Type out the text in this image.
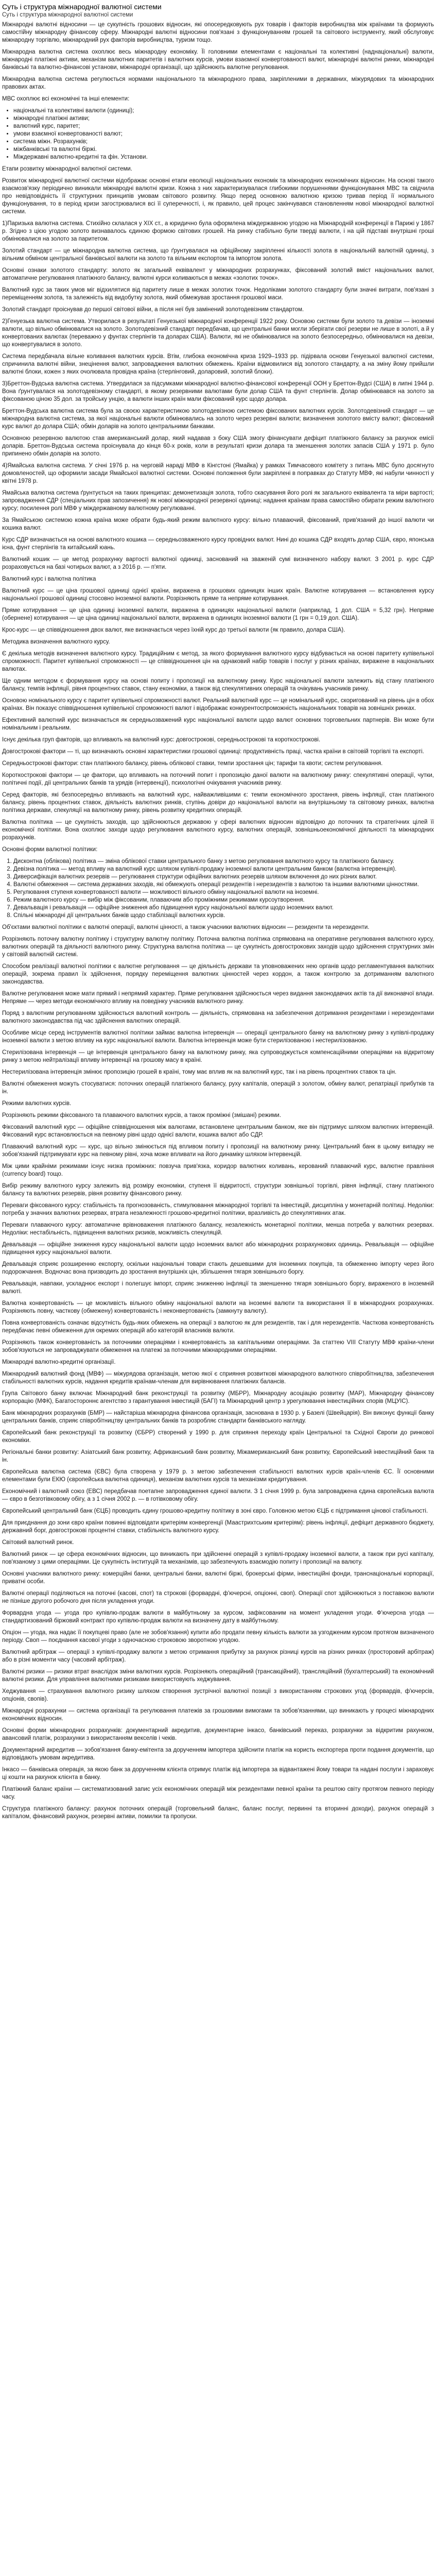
Суть і структура міжнародної валютної системи
Суть і структура міжнародної валютної системи

Міжнародні валютні відносини — це сукупність грошових відносин, які опосередковують рух товарів і факторів виробництва між країнами та формують самостійну міжнародну фінансову сферу. Міжнародні валютні відносини пов'язані з функціонуванням грошей та світового інструменту, який обслуговує міжнародну торгівлю, міжнародний рух факторів виробництва, туризм тощо.

Міжнародна валютна система охоплює весь міжнародну економіку. Її головними елементами є національні та колективні (наднаціональні) валюти, міжнародні платіжні активи, механізм валютних паритетів і валютних курсів, умови взаємної конвертованості валют, міжнародні валютні ринки, міжнародні банківські та валютно-фінансові установи, міжнародні організації, що здійснюють валютне регулювання.

Міжнародна валютна система регулюється нормами національного та міжнародного права, закріпленими в державних, міжурядових та міжнародних правових актах.

МВС охоплює всі економічні та інші елементи:

• національні та колективні валюти (одиниці);
• міжнародні платіжні активи;
• валютний курс, паритет;
• умови взаємної конвертованості валют;
• система міжн. Розрахунків;
• міжбанківські та валютні біржі.
• Міждержавні валютно-кредитні та фін. Установи.

Етапи розвитку міжнародної валютної системи.

Розвиток міжнародної валютної системи відображає основні етапи еволюції національних економік та міжнародних економічних відносин. На основі такого взаємозв'язку періодично виникали міжнародні валютні кризи. Кожна з них характеризувалася глибокими порушеннями функціонування МВС та свідчила про невідповідність її структурних принципів умовам світового розвитку. Якщо перед основною валютною кризою тривав період її нормального функціонування, то в період кризи загострювалися всі її суперечності, і, як правило, цей процес закінчувався становленням нової міжнародної валютної системи.

1)Паризька валютна система. Стихійно склалася у XIX ст., а юридично була оформлена міждержавною угодою на Міжнародній конференції в Парижі у 1867 р. Згідно з цією угодою золото визнавалось єдиною формою світових грошей. На ринку стабільно були тверді валюти, і на цій підставі внутрішні гроші обмінювалися на золото за паритетом.

Золотий стандарт — це міжнародна валютна система, що ґрунтувалася на офіційному закріпленні кількості золота в національній валютній одиниці, з вільним обміном центральної банківської валюти на золото та вільним експортом та імпортом золота.

Основні ознаки золотого стандарту: золото як загальний еквівалент у міжнародних розрахунках, фіксований золотий вміст національних валют, автоматичне регулювання платіжного балансу, валютні курси коливаються в межах «золотих точок».

Валютний курс за таких умов міг відхилятися від паритету лише в межах золотих точок. Недоліками золотого стандарту були значні витрати, пов'язані з переміщенням золота, та залежність від видобутку золота, який обмежував зростання грошової маси.

Золотий стандарт проіснував до першої світової війни, а після неї був замінений золотодевізним стандартом.

2)Генуезька валютна система. Утворилася в результаті Генуезької міжнародної конференції 1922 року. Основою системи були золото та девізи — іноземні валюти, що вільно обмінювалися на золото. Золотодевізний стандарт передбачав, що центральні банки могли зберігати свої резерви не лише в золоті, а й у конвертованих валютах (переважно у фунтах стерлінгів та доларах США). Валюти, які не обмінювалися на золото безпосередньо, обмінювалися на девізи, що конвертувалися в золото.

Система передбачала вільне коливання валютних курсів. Втім, глибока економічна криза 1929–1933 рр. підірвала основи Генуезької валютної системи, спричинила валютні війни, знецінення валют, запровадження валютних обмежень. Країни відмовилися від золотого стандарту, а на зміну йому прийшли валютні блоки, кожен з яких очолювала провідна країна (стерлінговий, доларовий, золотий блоки).

3)Бреттон-Вудська валютна система. Утвердилася за підсумками міжнародної валютно-фінансової конференції ООН у Бреттон-Вудсі (США) в липні 1944 р. Вона ґрунтувалася на золотодевізному стандарті, в якому резервними валютами були долар США та фунт стерлінгів. Долар обмінювався на золото за фіксованою ціною 35 дол. за тройську унцію, а валюти інших країн мали фіксований курс щодо долара.

Бреттон-Вудська валютна система була за своєю характеристикою золотодевізною системою фіксованих валютних курсів. Золотодевізний стандарт — це міжнародна валютна система, за якої національні валюти обмінювались на золото через резервні валюти; визначення золотого вмісту валют; фіксований курс валют до долара США; обмін доларів на золото центральними банками.

Основною резервною валютою став американський долар, який надавав з боку США змогу фінансувати дефіцит платіжного балансу за рахунок емісії доларів. Бреттон-Вудська система проіснувала до кінця 60-х років, коли в результаті кризи долара та зменшення золотих запасів США у 1971 р. було припинено обмін доларів на золото.

4)Ямайська валютна система. У січні 1976 р. на черговій нараді МВФ в Кінгстоні (Ямайка) у рамках Тимчасового комітету з питань МВС було досягнуто домовленостей, що оформили засади Ямайської валютної системи. Основні положення були закріплені в поправках до Статуту МВФ, які набули чинності у квітні 1978 р.

Ямайська валютна система ґрунтується на таких принципах: демонетизація золота, тобто скасування його ролі як загального еквівалента та міри вартості; запровадження СДР (спеціальних прав запозичення) як нової міжнародної резервної одиниці; надання країнам права самостійно обирати режим валютного курсу; посилення ролі МВФ у міждержавному валютному регулюванні.

За Ямайською системою кожна країна може обрати будь-який режим валютного курсу: вільно плаваючий, фіксований, прив'язаний до іншої валюти чи кошика валют.

Курс СДР визначається на основі валютного кошика — середньозваженого курсу провідних валют. Нині до кошика СДР входять долар США, євро, японська ієна, фунт стерлінгів та китайський юань.

Валютний кошик — це метод розрахунку вартості валютної одиниці, заснований на зваженій сумі визначеного набору валют. З 2001 р. курс СДР розраховується на базі чотирьох валют, а з 2016 р. — п'яти.

Валютний курс і валютна політика

Валютний курс — це ціна грошової одиниці однієї країни, виражена в грошових одиницях інших країн. Валютне котирування — встановлення курсу національної грошової одиниці стосовно іноземної валюти. Розрізняють пряме та непряме котирування.

Пряме котирування — це ціна одиниці іноземної валюти, виражена в одиницях національної валюти (наприклад, 1 дол. США = 5,32 грн). Непряме (обернене) котирування — це ціна одиниці національної валюти, виражена в одиницях іноземної валюти (1 грн = 0,19 дол. США).

Крос-курс — це співвідношення двох валют, яке визначається через їхній курс до третьої валюти (як правило, долара США).

Методика визначення валютного курсу.

Є декілька методів визначення валютного курсу. Традиційним є метод, за якого формування валютного курсу відбувається на основі паритету купівельної спроможності. Паритет купівельної спроможності — це співвідношення цін на однаковий набір товарів і послуг у різних країнах, виражене в національних валютах.

Ще одним методом є формування курсу на основі попиту і пропозиції на валютному ринку. Курс національної валюти залежить від стану платіжного балансу, темпів інфляції, рівня процентних ставок, стану економіки, а також від спекулятивних операцій та очікувань учасників ринку.

Основою номінального курсу є паритет купівельної спроможності валют. Реальний валютний курс — це номінальний курс, скоригований на рівень цін в обох країнах. Він показує співвідношення купівельної спроможності валют і відображає конкурентоспроможність національних товарів на зовнішніх ринках.

Ефективний валютний курс визначається як середньозважений курс національної валюти щодо валют основних торговельних партнерів. Він може бути номінальним і реальним.

Існує декілька груп факторів, що впливають на валютний курс: довгострокові, середньострокові та короткострокові.

Довгострокові фактори — ті, що визначають основні характеристики грошової одиниці: продуктивність праці, частка країни в світовій торгівлі та експорті.

Середньострокові фактори: стан платіжного балансу, рівень облікової ставки, темпи зростання цін; тарифи та квоти; систем регулювання.

Короткострокові фактори — це фактори, що впливають на поточний попит і пропозицію даної валюти на валютному ринку: спекулятивні операції, чутки, політичні події, дії центральних банків та урядів (інтервенції), психологічні очікування учасників ринку.

Серед факторів, які безпосередньо впливають на валютний курс, найважливішими є: темпи економічного зростання, рівень інфляції, стан платіжного балансу, рівень процентних ставок, діяльність валютних ринків, ступінь довіри до національної валюти на внутрішньому та світовому ринках, валютна політика держави, спекуляції на валютному ринку, рівень розвитку кредитних операцій.

Валютна політика — це сукупність заходів, що здійснюються державою у сфері валютних відносин відповідно до поточних та стратегічних цілей її економічної політики. Вона охоплює заходи щодо регулювання валютного курсу, валютних операцій, зовнішньоекономічної діяльності та міжнародних розрахунків.

Основні форми валютної політики:

1. Дисконтна (облікова) політика — зміна облікової ставки центрального банку з метою регулювання валютного курсу та платіжного балансу.
2. Девізна політика — метод впливу на валютний курс шляхом купівлі-продажу іноземної валюти центральним банком (валютна інтервенція).
3. Диверсифікація валютних резервів — регулювання структури офіційних валютних резервів шляхом включення до них різних валют.
4. Валютні обмеження — система державних заходів, які обмежують операції резидентів і нерезидентів з валютою та іншими валютними цінностями.
5. Регулювання ступеня конвертованості валюти — можливості вільного обміну національної валюти на іноземні.
6. Режим валютного курсу — вибір між фіксованим, плаваючим або проміжними режимами курсоутворення.
7. Девальвація і ревальвація — офіційне зниження або підвищення курсу національної валюти щодо іноземних валют.
8. Спільні міжнародні дії центральних банків щодо стабілізації валютних курсів.

Об'єктами валютної політики є валютні операції, валютні цінності, а також учасники валютних відносин — резиденти та нерезиденти.

Розрізняють поточну валютну політику і структурну валютну політику. Поточна валютна політика спрямована на оперативне регулювання валютного курсу, валютних операцій та діяльності валютного ринку. Структурна валютна політика — це сукупність довгострокових заходів щодо здійснення структурних змін у світовій валютній системі.

Способом реалізації валютної політики є валютне регулювання — це діяльність держави та уповноважених нею органів щодо регламентування валютних операцій, зокрема правил їх здійснення, порядку переміщення валютних цінностей через кордон, а також контролю за дотриманням валютного законодавства.

Валютне регулювання може мати прямий і непрямий характер. Пряме регулювання здійснюється через видання законодавчих актів та дії виконавчої влади. Непряме — через методи економічного впливу на поведінку учасників валютного ринку.

Поряд з валютним регулюванням здійснюється валютний контроль — діяльність, спрямована на забезпечення дотримання резидентами і нерезидентами валютного законодавства під час здійснення валютних операцій.

Особливе місце серед інструментів валютної політики займає валютна інтервенція — операції центрального банку на валютному ринку з купівлі-продажу іноземної валюти з метою впливу на курс національної валюти. Валютна інтервенція може бути стерилізованою і нестерилізованою.

Стерилізована інтервенція — це інтервенція центрального банку на валютному ринку, яка супроводжується компенсаційними операціями на відкритому ринку з метою нейтралізації впливу інтервенції на грошову масу в країні.

Нестерилізована інтервенція змінює пропозицію грошей в країні, тому має вплив як на валютний курс, так і на рівень процентних ставок та цін.

Валютні обмеження можуть стосуватися: поточних операцій платіжного балансу, руху капіталів, операцій з золотом, обміну валют, репатріації прибутків та ін.

Режими валютних курсів.

Розрізняють режими фіксованого та плаваючого валютних курсів, а також проміжні (змішані) режими.

Фіксований валютний курс — офіційне співвідношення між валютами, встановлене центральним банком, яке він підтримує шляхом валютних інтервенцій. Фіксований курс встановлюється на певному рівні щодо однієї валюти, кошика валют або СДР.

Плаваючий валютний курс — курс, що вільно змінюється під впливом попиту і пропозиції на валютному ринку. Центральний банк в цьому випадку не зобов'язаний підтримувати курс на певному рівні, хоча може впливати на його динаміку шляхом інтервенцій.

Між цими крайніми режимами існує низка проміжних: повзуча прив'язка, коридор валютних коливань, керований плаваючий курс, валютне правління (currency board) тощо.

Вибір режиму валютного курсу залежить від розміру економіки, ступеня її відкритості, структури зовнішньої торгівлі, рівня інфляції, стану платіжного балансу та валютних резервів, рівня розвитку фінансового ринку.

Переваги фіксованого курсу: стабільність та прогнозованість, стимулювання міжнародної торгівлі та інвестицій, дисципліна у монетарній політиці. Недоліки: потреба у значних валютних резервах, втрата незалежності грошово-кредитної політики, вразливість до спекулятивних атак.

Переваги плаваючого курсу: автоматичне врівноваження платіжного балансу, незалежність монетарної політики, менша потреба у валютних резервах. Недоліки: нестабільність, підвищення валютних ризиків, можливість спекуляцій.

Девальвація — офіційне зниження курсу національної валюти щодо іноземних валют або міжнародних розрахункових одиниць. Ревальвація — офіційне підвищення курсу національної валюти.

Девальвація сприяє розширенню експорту, оскільки національні товари стають дешевшими для іноземних покупців, та обмеженню імпорту через його подорожчання. Водночас вона призводить до зростання внутрішніх цін, збільшення тягаря зовнішнього боргу.

Ревальвація, навпаки, ускладнює експорт і полегшує імпорт, сприяє зниженню інфляції та зменшенню тягаря зовнішнього боргу, вираженого в іноземній валюті.

Валютна конвертованість — це можливість вільного обміну національної валюти на іноземні валюти та використання її в міжнародних розрахунках. Розрізняють повну, часткову (обмежену) конвертованість і неконвертованість (замкнуту валюту).

Повна конвертованість означає відсутність будь-яких обмежень на операції з валютою як для резидентів, так і для нерезидентів. Часткова конвертованість передбачає певні обмеження для окремих операцій або категорій власників валюти.

Розрізняють також конвертованість за поточними операціями і конвертованість за капітальними операціями. За статтею VIII Статуту МВФ країни-члени зобов'язуються не запроваджувати обмеження на платежі за поточними міжнародними операціями.

Міжнародні валютно-кредитні організації.

Міжнародний валютний фонд (МВФ) — міжурядова організація, метою якої є сприяння розвиткові міжнародного валютного співробітництва, забезпечення стабільності валютних курсів, надання кредитів країнам-членам для вирівнювання платіжних балансів.

Група Світового банку включає Міжнародний банк реконструкції та розвитку (МБРР), Міжнародну асоціацію розвитку (МАР), Міжнародну фінансову корпорацію (МФК), Багатостороннє агентство з гарантування інвестицій (БАГІ) та Міжнародний центр з урегулювання інвестиційних спорів (МЦУІС).

Банк міжнародних розрахунків (БМР) — найстаріша міжнародна фінансова організація, заснована в 1930 р. у Базелі (Швейцарія). Він виконує функції банку центральних банків, сприяє співробітництву центральних банків та розробляє стандарти банківського нагляду.

Європейський банк реконструкції та розвитку (ЄБРР) створений у 1990 р. для сприяння переходу країн Центральної та Східної Європи до ринкової економіки.

Регіональні банки розвитку: Азіатський банк розвитку, Африканський банк розвитку, Міжамериканський банк розвитку, Європейський інвестиційний банк та ін.

Європейська валютна система (ЄВС) була створена у 1979 р. з метою забезпечення стабільності валютних курсів країн-членів ЄС. Її основними елементами були ЕКЮ (європейська валютна одиниця), механізм валютних курсів та механізми кредитування.

Економічний і валютний союз (ЕВС) передбачав поетапне запровадження єдиної валюти. З 1 січня 1999 р. була запроваджена єдина європейська валюта — євро в безготівковому обігу, а з 1 січня 2002 р. — в готівковому обігу.

Європейський центральний банк (ЄЦБ) проводить єдину грошово-кредитну політику в зоні євро. Головною метою ЄЦБ є підтримання цінової стабільності.

Для приєднання до зони євро країни повинні відповідати критеріям конвергенції (Маастрихтським критеріям): рівень інфляції, дефіцит державного бюджету, державний борг, довгострокові процентні ставки, стабільність валютного курсу.

Світовий валютний ринок.

Валютний ринок — це сфера економічних відносин, що виникають при здійсненні операцій з купівлі-продажу іноземної валюти, а також при русі капіталу, пов'язаному з цими операціями. Це сукупність інституцій та механізмів, що забезпечують взаємодію попиту і пропозиції на валюту.

Основні учасники валютного ринку: комерційні банки, центральні банки, валютні біржі, брокерські фірми, інвестиційні фонди, транснаціональні корпорації, приватні особи.

Валютні операції поділяються на поточні (касові, спот) та строкові (форвардні, ф'ючерсні, опціонні, своп). Операції спот здійснюються з поставкою валюти не пізніше другого робочого дня після укладення угоди.

Форвардна угода — угода про купівлю-продаж валюти в майбутньому за курсом, зафіксованим на момент укладення угоди. Ф'ючерсна угода — стандартизований біржовий контракт про купівлю-продаж валюти на визначену дату в майбутньому.

Опціон — угода, яка надає її покупцеві право (але не зобов'язання) купити або продати певну кількість валюти за узгодженим курсом протягом визначеного періоду. Своп — поєднання касової угоди з одночасною строковою зворотною угодою.

Валютний арбітраж — операції з купівлі-продажу валюти з метою отримання прибутку за рахунок різниці курсів на різних ринках (просторовий арбітраж) або в різні моменти часу (часовий арбітраж).

Валютні ризики — ризики втрат внаслідок зміни валютних курсів. Розрізняють операційний (трансакційний), трансляційний (бухгалтерський) та економічний валютні ризики. Для управління валютними ризиками використовують хеджування.

Хеджування — страхування валютного ризику шляхом створення зустрічної валютної позиції з використанням строкових угод (форвардів, ф'ючерсів, опціонів, свопів).

Міжнародні розрахунки — система організації та регулювання платежів за грошовими вимогами та зобов'язаннями, що виникають у процесі міжнародних економічних відносин.

Основні форми міжнародних розрахунків: документарний акредитив, документарне інкасо, банківський переказ, розрахунки за відкритим рахунком, авансовий платіж, розрахунки з використанням векселів і чеків.

Документарний акредитив — зобов'язання банку-емітента за дорученням імпортера здійснити платіж на користь експортера проти подання документів, що відповідають умовам акредитива.

Інкасо — банківська операція, за якою банк за дорученням клієнта отримує платіж від імпортера за відвантажені йому товари та надані послуги і зараховує ці кошти на рахунок клієнта в банку.

Платіжний баланс країни — систематизований запис усіх економічних операцій між резидентами певної країни та рештою світу протягом певного періоду часу.

Структура платіжного балансу: рахунок поточних операцій (торговельний баланс, баланс послуг, первинні та вторинні доходи), рахунок операцій з капіталом, фінансовий рахунок, резервні активи, помилки та пропуски.
